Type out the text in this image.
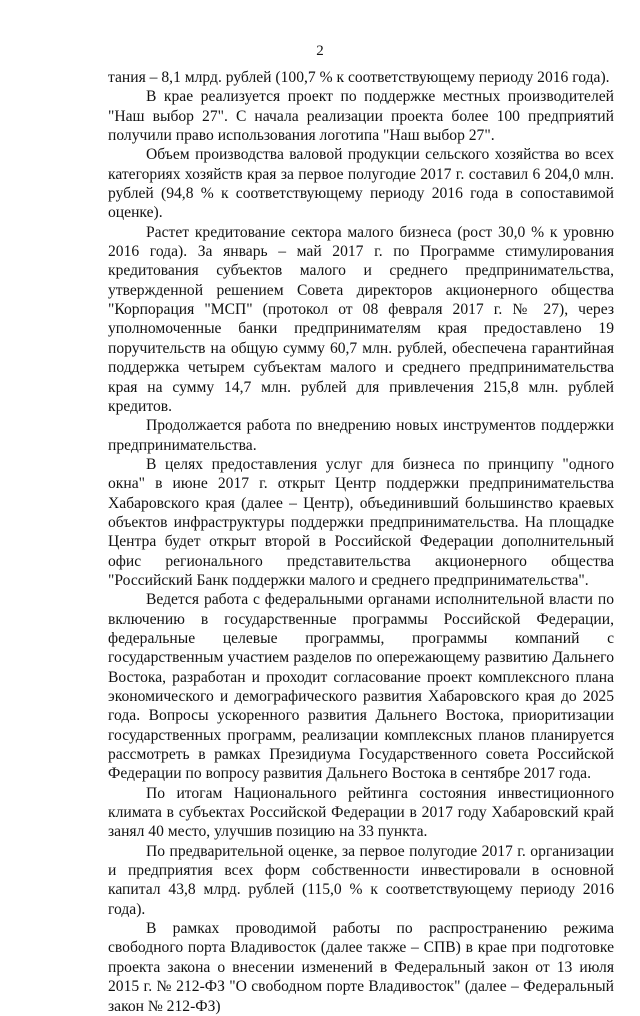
2

тания – 8,1 млрд. рублей (100,7 % к соответствующему периоду 2016 года).

В крае реализуется проект по поддержке местных производителей "Наш выбор 27". С начала реализации проекта более 100 предприятий получили право использования логотипа "Наш выбор 27".

Объем производства валовой продукции сельского хозяйства во всех категориях хозяйств края за первое полугодие 2017 г. составил 6 204,0 млн. рублей (94,8 % к соответствующему периоду 2016 года в сопоставимой оценке).

Растет кредитование сектора малого бизнеса (рост 30,0 % к уровню 2016 года). За январь – май 2017 г. по Программе стимулирования кредитования субъектов малого и среднего предпринимательства, утвержденной решением Совета директоров акционерного общества "Корпорация "МСП" (протокол от 08 февраля 2017 г. № 27), через уполномоченные банки предпринимателям края предоставлено 19 поручительств на общую сумму 60,7 млн. рублей, обеспечена гарантийная поддержка четырем субъектам малого и среднего предпринимательства края на сумму 14,7 млн. рублей для привлечения 215,8 млн. рублей кредитов.

Продолжается работа по внедрению новых инструментов поддержки предпринимательства.

В целях предоставления услуг для бизнеса по принципу "одного окна" в июне 2017 г. открыт Центр поддержки предпринимательства Хабаровского края (далее – Центр), объединивший большинство краевых объектов инфраструктуры поддержки предпринимательства. На площадке Центра будет открыт второй в Российской Федерации дополнительный офис регионального представительства акционерного общества "Российский Банк поддержки малого и среднего предпринимательства".

Ведется работа с федеральными органами исполнительной власти по включению в государственные программы Российской Федерации, федеральные целевые программы, программы компаний с государственным участием разделов по опережающему развитию Дальнего Востока, разработан и проходит согласование проект комплексного плана экономического и демографического развития Хабаровского края до 2025 года. Вопросы ускоренного развития Дальнего Востока, приоритизации государственных программ, реализации комплексных планов планируется рассмотреть в рамках Президиума Государственного совета Российской Федерации по вопросу развития Дальнего Востока в сентябре 2017 года.

По итогам Национального рейтинга состояния инвестиционного климата в субъектах Российской Федерации в 2017 году Хабаровский край занял 40 место, улучшив позицию на 33 пункта.

По предварительной оценке, за первое полугодие 2017 г. организации и предприятия всех форм собственности инвестировали в основной капитал 43,8 млрд. рублей (115,0 % к соответствующему периоду 2016 года).

В рамках проводимой работы по распространению режима свободного порта Владивосток (далее также – СПВ) в крае при подготовке проекта закона о внесении изменений в Федеральный закон от 13 июля 2015 г. № 212-ФЗ "О свободном порте Владивосток" (далее – Федеральный закон № 212-ФЗ)
